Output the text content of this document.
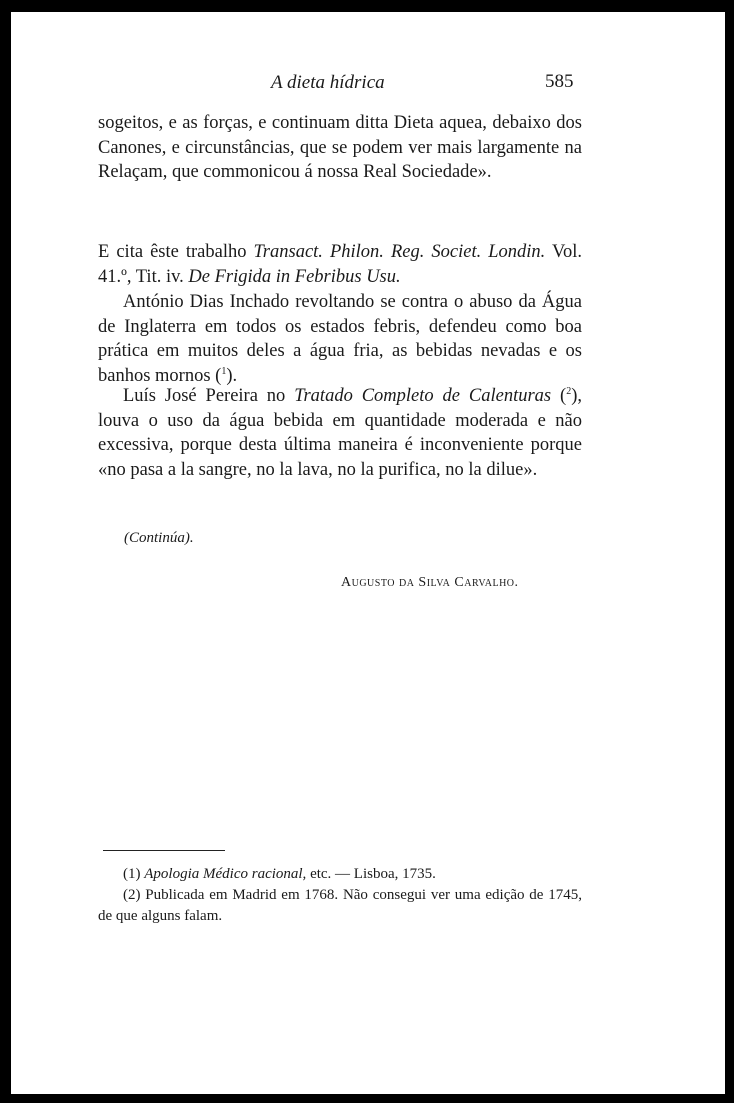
A dieta hídrica	585

sogeitos, e as forças, e continuam ditta Dieta aquea, debaixo dos Canones, e circunstâncias, que se podem ver mais largamente na Relaçam, que commonicou á nossa Real Sociedade».

E cita êste trabalho Transact. Philon. Reg. Societ. Londin. Vol. 41.º, Tit. iv. De Frigida in Febribus Usu.

António Dias Inchado revoltando se contra o abuso da Água de Inglaterra em todos os estados febris, defendeu como boa prática em muitos deles a água fria, as bebidas nevadas e os banhos mornos ($^1$).

Luís José Pereira no Tratado Completo de Calenturas ($^2$), louva o uso da água bebida em quantidade moderada e não excessiva, porque desta última maneira é inconveniente porque «no pasa a la sangre, no la lava, no la purifica, no la dilue».

(Continúa).
Augusto da Silva Carvalho.

(1) Apologia Médico racional, etc. — Lisboa, 1735.

(2) Publicada em Madrid em 1768. Não consegui ver uma edição de 1745, de que alguns falam.
